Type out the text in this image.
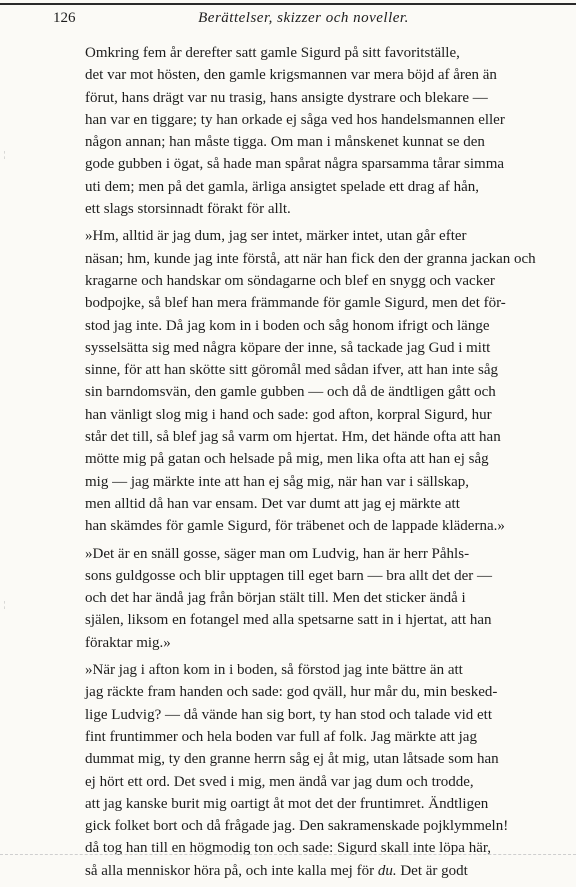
126	Berättelser, skizzer och noveller.
¦
¦

Omkring fem år derefter satt gamle Sigurd på sitt favoritställe,
det var mot hösten, den gamle krigsmannen var mera böjd af åren än
förut, hans drägt var nu trasig, hans ansigte dystrare och blekare —
han var en tiggare; ty han orkade ej såga ved hos handelsmannen eller
någon annan; han måste tigga. Om man i månskenet kunnat se den
gode gubben i ögat, så hade man spårat några sparsamma tårar simma
uti dem; men på det gamla, ärliga ansigtet spelade ett drag af hån,
ett slags storsinnadt förakt för allt.

»Hm, alltid är jag dum, jag ser intet, märker intet, utan går efter
näsan; hm, kunde jag inte förstå, att när han fick den der granna jackan och
kragarne och handskar om söndagarne och blef en snygg och vacker
bodpojke, så blef han mera främmande för gamle Sigurd, men det för-
stod jag inte. Då jag kom in i boden och såg honom ifrigt och länge
sysselsätta sig med några köpare der inne, så tackade jag Gud i mitt
sinne, för att han skötte sitt göromål med sådan ifver, att han inte såg
sin barndomsvän, den gamle gubben — och då de ändtligen gått och
han vänligt slog mig i hand och sade: god afton, korpral Sigurd, hur
står det till, så blef jag så varm om hjertat. Hm, det hände ofta att han
mötte mig på gatan och helsade på mig, men lika ofta att han ej såg
mig — jag märkte inte att han ej såg mig, när han var i sällskap,
men alltid då han var ensam. Det var dumt att jag ej märkte att
han skämdes för gamle Sigurd, för träbenet och de lappade kläderna.»

»Det är en snäll gosse, säger man om Ludvig, han är herr Påhls-
sons guldgosse och blir upptagen till eget barn — bra allt det der —
och det har ändå jag från början stält till. Men det sticker ändå i
själen, liksom en fotangel med alla spetsarne satt in i hjertat, att han
föraktar mig.»

»När jag i afton kom in i boden, så förstod jag inte bättre än att
jag räckte fram handen och sade: god qväll, hur mår du, min besked-
lige Ludvig? — då vände han sig bort, ty han stod och talade vid ett
fint fruntimmer och hela boden var full af folk. Jag märkte att jag
dummat mig, ty den granne herrn såg ej åt mig, utan låtsade som han
ej hört ett ord. Det sved i mig, men ändå var jag dum och trodde,
att jag kanske burit mig oartigt åt mot det der fruntimret. Ändtligen
gick folket bort och då frågade jag. Den sakramenskade pojklymmeln!
då tog han till en högmodig ton och sade: Sigurd skall inte löpa här,
så alla menniskor höra på, och inte kalla mej för du. Det är godt
